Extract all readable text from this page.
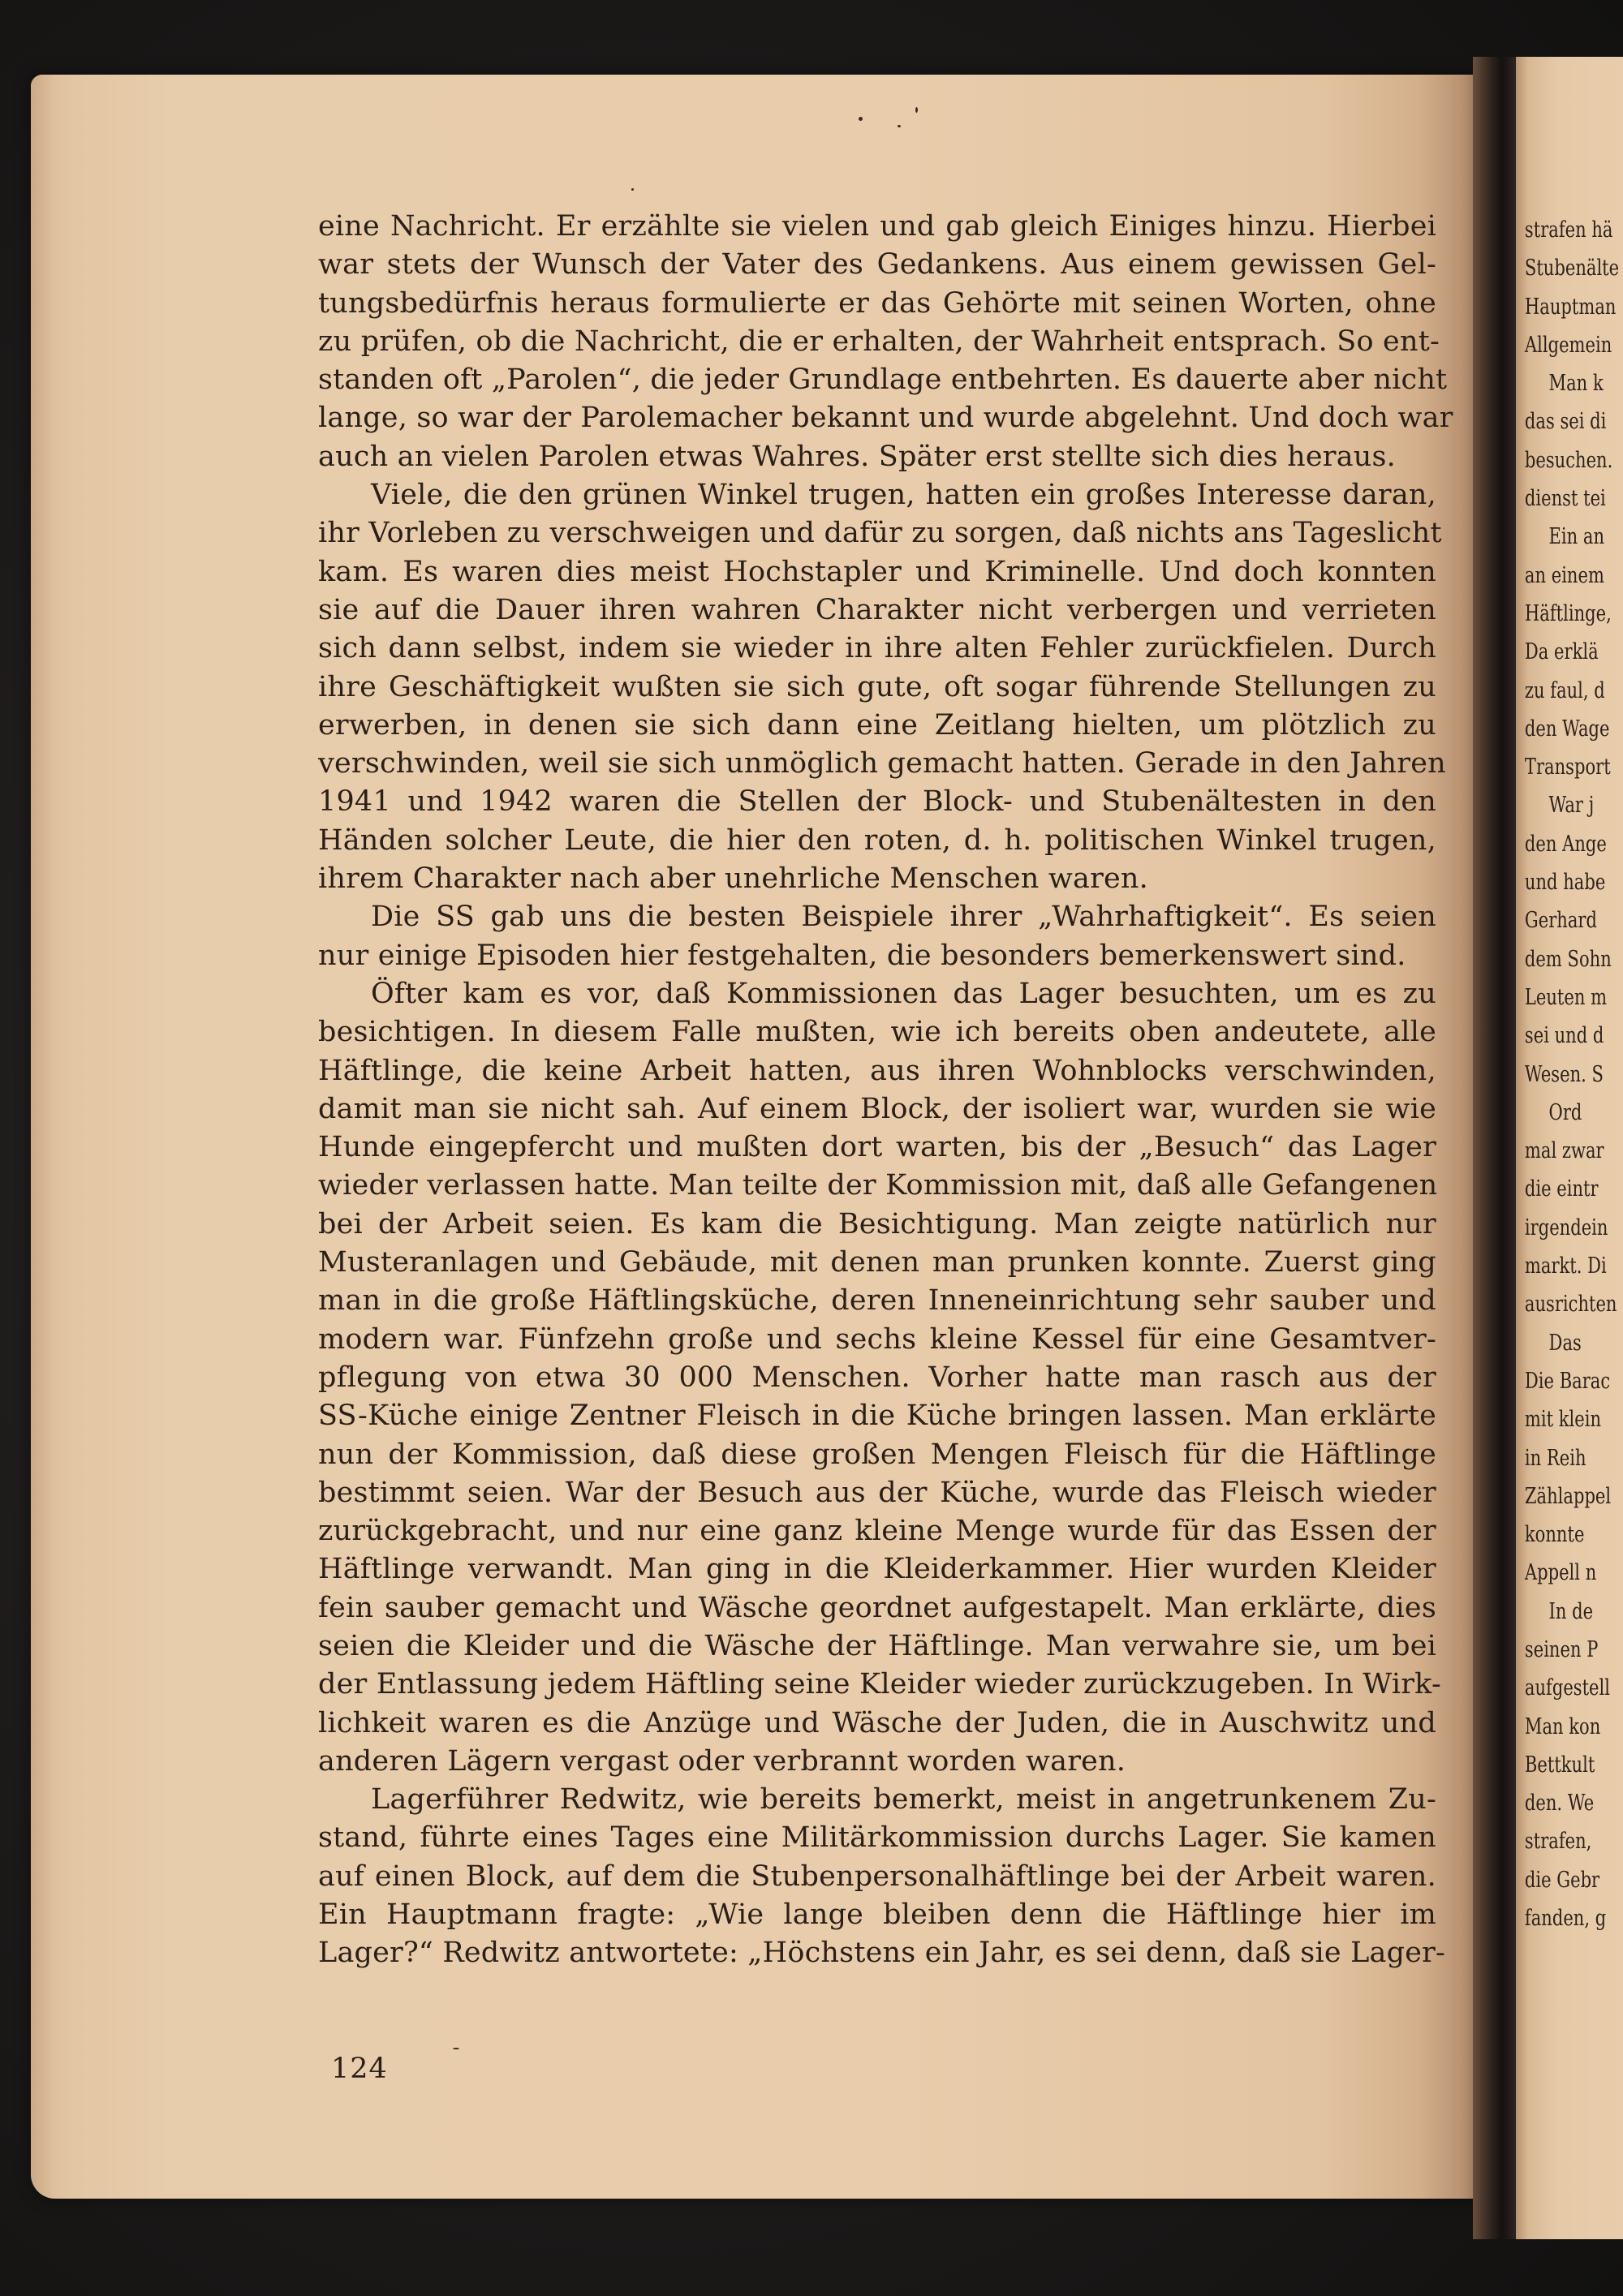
strafen hä
Stubenälte
Hauptman
Allgemein
Man k
das sei di
besuchen.
dienst tei
Ein an
an einem
Häftlinge,
Da erklä
zu faul, d
den Wage
Transport
War j
den Ange
und habe
Gerhard
dem Sohn
Leuten m
sei und d
Wesen. S
Ord
mal zwar
die eintr
irgendein
markt. Di
ausrichten
Das
Die Barac
mit klein
in Reih
Zählappel
konnte
Appell n
In de
seinen P
aufgestell
Man kon
Bettkult
den. We
strafen,
die Gebr
fanden, g
eine Nachricht. Er erzählte sie vielen und gab gleich Einiges hinzu. Hierbei
war stets der Wunsch der Vater des Gedankens. Aus einem gewissen Gel-
tungsbedürfnis heraus formulierte er das Gehörte mit seinen Worten, ohne
zu prüfen, ob die Nachricht, die er erhalten, der Wahrheit entsprach. So ent-
standen oft „Parolen“, die jeder Grundlage entbehrten. Es dauerte aber nicht
lange, so war der Parolemacher bekannt und wurde abgelehnt. Und doch war
auch an vielen Parolen etwas Wahres. Später erst stellte sich dies heraus.
Viele, die den grünen Winkel trugen, hatten ein großes Interesse daran,
ihr Vorleben zu verschweigen und dafür zu sorgen, daß nichts ans Tageslicht
kam. Es waren dies meist Hochstapler und Kriminelle. Und doch konnten
sie auf die Dauer ihren wahren Charakter nicht verbergen und verrieten
sich dann selbst, indem sie wieder in ihre alten Fehler zurückfielen. Durch
ihre Geschäftigkeit wußten sie sich gute, oft sogar führende Stellungen zu
erwerben, in denen sie sich dann eine Zeitlang hielten, um plötzlich zu
verschwinden, weil sie sich unmöglich gemacht hatten. Gerade in den Jahren
1941 und 1942 waren die Stellen der Block- und Stubenältesten in den
Händen solcher Leute, die hier den roten, d. h. politischen Winkel trugen,
ihrem Charakter nach aber unehrliche Menschen waren.
Die SS gab uns die besten Beispiele ihrer „Wahrhaftigkeit“. Es seien
nur einige Episoden hier festgehalten, die besonders bemerkenswert sind.
Öfter kam es vor, daß Kommissionen das Lager besuchten, um es zu
besichtigen. In diesem Falle mußten, wie ich bereits oben andeutete, alle
Häftlinge, die keine Arbeit hatten, aus ihren Wohnblocks verschwinden,
damit man sie nicht sah. Auf einem Block, der isoliert war, wurden sie wie
Hunde eingepfercht und mußten dort warten, bis der „Besuch“ das Lager
wieder verlassen hatte. Man teilte der Kommission mit, daß alle Gefangenen
bei der Arbeit seien. Es kam die Besichtigung. Man zeigte natürlich nur
Musteranlagen und Gebäude, mit denen man prunken konnte. Zuerst ging
man in die große Häftlingsküche, deren Inneneinrichtung sehr sauber und
modern war. Fünfzehn große und sechs kleine Kessel für eine Gesamtver-
pflegung von etwa 30 000 Menschen. Vorher hatte man rasch aus der
SS-Küche einige Zentner Fleisch in die Küche bringen lassen. Man erklärte
nun der Kommission, daß diese großen Mengen Fleisch für die Häftlinge
bestimmt seien. War der Besuch aus der Küche, wurde das Fleisch wieder
zurückgebracht, und nur eine ganz kleine Menge wurde für das Essen der
Häftlinge verwandt. Man ging in die Kleiderkammer. Hier wurden Kleider
fein sauber gemacht und Wäsche geordnet aufgestapelt. Man erklärte, dies
seien die Kleider und die Wäsche der Häftlinge. Man verwahre sie, um bei
der Entlassung jedem Häftling seine Kleider wieder zurückzugeben. In Wirk-
lichkeit waren es die Anzüge und Wäsche der Juden, die in Auschwitz und
anderen Lägern vergast oder verbrannt worden waren.
Lagerführer Redwitz, wie bereits bemerkt, meist in angetrunkenem Zu-
stand, führte eines Tages eine Militärkommission durchs Lager. Sie kamen
auf einen Block, auf dem die Stubenpersonalhäftlinge bei der Arbeit waren.
Ein Hauptmann fragte: „Wie lange bleiben denn die Häftlinge hier im
Lager?“ Redwitz antwortete: „Höchstens ein Jahr, es sei denn, daß sie Lager-
124
